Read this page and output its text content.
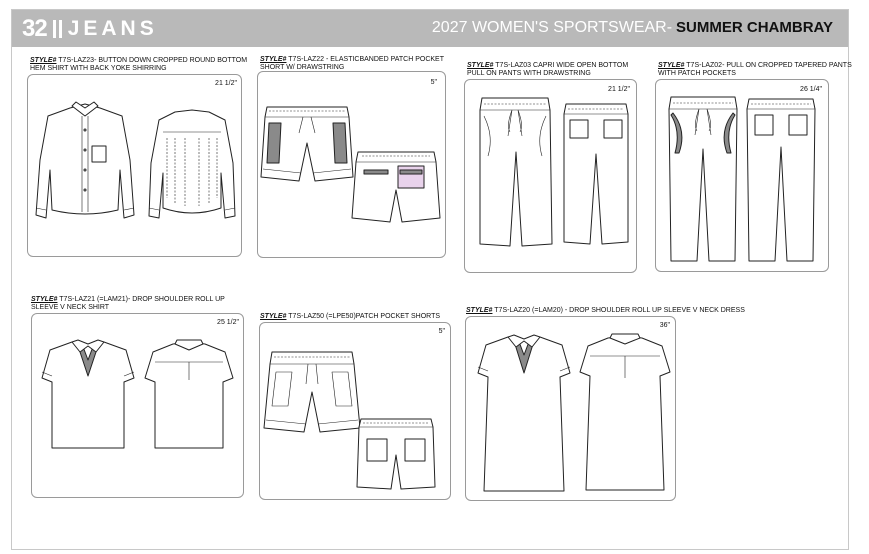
32 JEANS	2027 WOMEN'S SPORTSWEAR- SUMMER CHAMBRAY
STYLE# T7S-LAZ23- BUTTON DOWN CROPPED ROUND BOTTOM
HEM SHIRT WITH BACK YOKE SHIRRING
21 1/2"
STYLE# T7S-LAZ22 - ELASTICBANDED PATCH POCKET
SHORT W/ DRAWSTRING
5"
STYLE# T7S-LAZ03 CAPRI WIDE OPEN BOTTOM
PULL ON PANTS WITH DRAWSTRING
21 1/2"
STYLE# T7S-LAZ02- PULL ON CROPPED TAPERED PANTS
WITH PATCH POCKETS
26 1/4"
STYLE# T7S-LAZ21 (=LAM21)- DROP SHOULDER ROLL UP
SLEEVE V NECK SHIRT
25 1/2"
STYLE# T7S-LAZ50 (=LPE50)PATCH POCKET SHORTS
5"
STYLE# T7S-LAZ20 (=LAM20) - DROP SHOULDER ROLL UP SLEEVE V NECK DRESS
36"
